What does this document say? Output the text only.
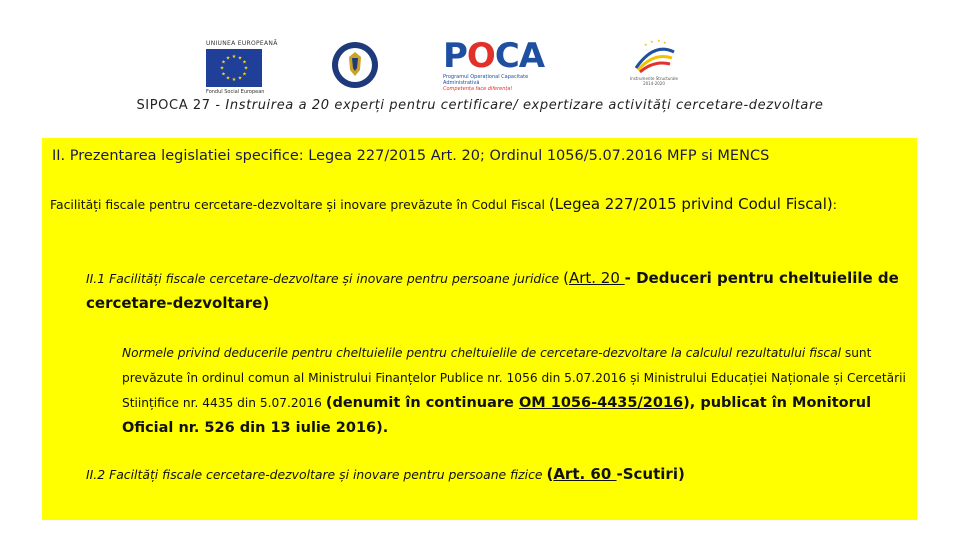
UNIUNEA EUROPEANĂ
★ ★
★
★
★
★
★
★
★
★
★
★
Fondul Social European
POCA
Programul Operațional Capacitate Administrativă
Competența face diferența!
★
★ ★ ★
Instrumente Structurale 2014-2020
SIPOCA 27 - Instruirea a 20 experți pentru certificare/ expertizare activități cercetare-dezvoltare
II. Prezentarea legislatiei specifice: Legea 227/2015 Art. 20; Ordinul 1056/5.07.2016 MFP si MENCS
Facilități fiscale pentru cercetare-dezvoltare și inovare prevăzute în Codul Fiscal (Legea 227/2015 privind Codul Fiscal):
II.1 Facilități fiscale cercetare-dezvoltare și inovare pentru persoane juridice (Art. 20 - Deduceri pentru cheltuielile de cercetare-dezvoltare)
Normele privind deducerile pentru cheltuielile pentru cheltuielile de cercetare-dezvoltare la calculul rezultatului fiscal sunt prevăzute în ordinul comun al Ministrului Finanțelor Publice nr. 1056 din 5.07.2016 și Ministrului Educației Naționale și Cercetării Stiințifice nr. 4435 din 5.07.2016 (denumit în continuare OM 1056-4435/2016), publicat în Monitorul Oficial nr. 526 din 13 iulie 2016).
II.2 Faciltăți fiscale cercetare-dezvoltare și inovare pentru persoane fizice (Art. 60 -Scutiri)
